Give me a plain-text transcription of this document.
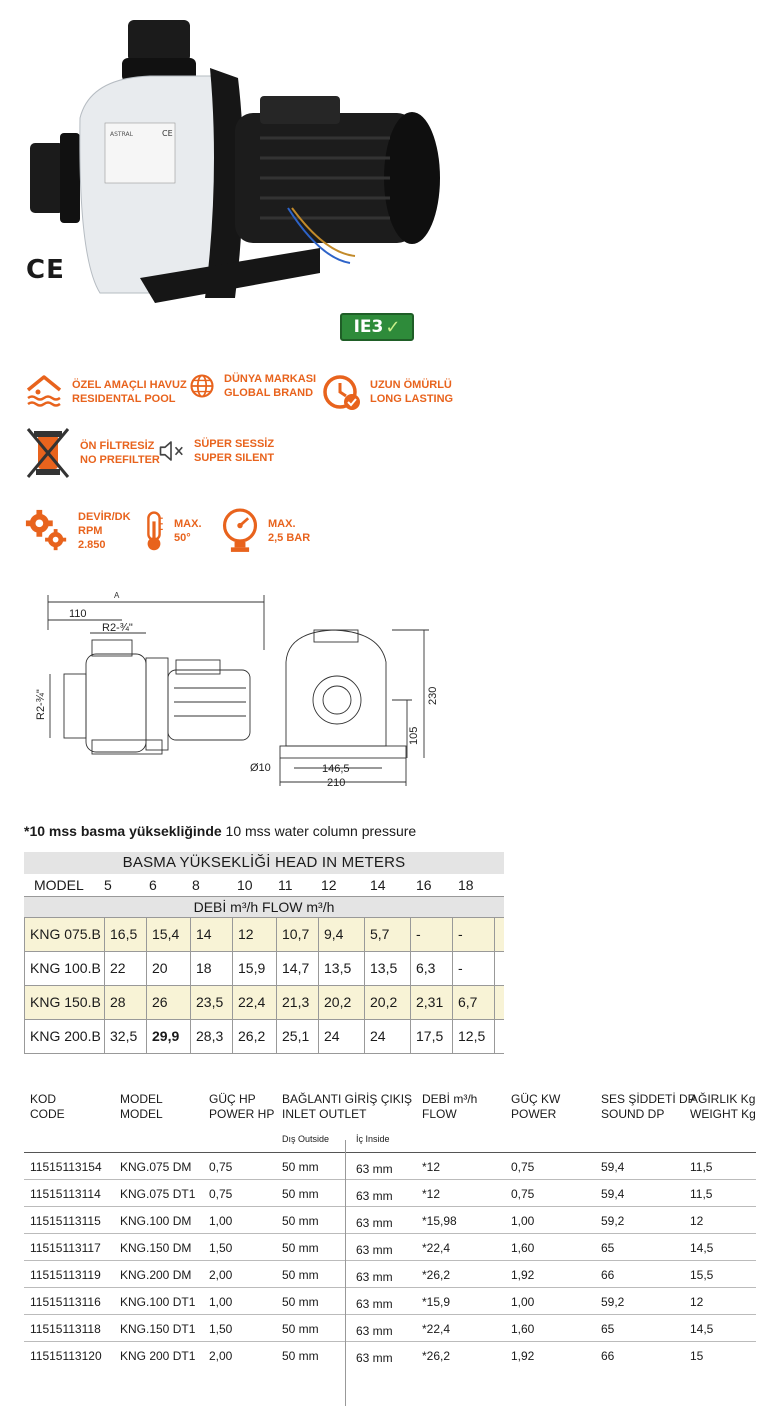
ASTRAL	CE
CE
IE3 ✓
ÖZEL AMAÇLI HAVUZ
RESIDENTAL POOL
DÜNYA MARKASI
GLOBAL BRAND
UZUN ÖMÜRLÜ
LONG LASTING
ÖN FİLTRESİZ
NO PREFILTER
SÜPER SESSİZ
SUPER SILENT
DEVİR/DK
RPM
2.850
MAX.
50°
MAX.
2,5 BAR
A
110
R2-¾"
R2-¾"	230
105
Ø10	146,5
210
*10 mss basma yüksekliğinde 10 mss water column pressure
BASMA YÜKSEKLİĞİ HEAD IN METERS
MODEL 5	6	8	10 11 12 14 16 18
DEBİ m³/h FLOW m³/h
KNG 075.B 16,5	15,4	14	12	10,7	9,4	5,7	-	-
KNG 100.B 22	20	18	15,9	14,7	13,5	13,5	6,3	-
KNG 150.B 28	26	23,5	22,4	21,3	20,2	20,2	2,31	6,7
KNG 200.B 32,5	29,9	28,3	26,2	25,1	24	24	17,5	12,5
KOD
CODE
MODEL
MODEL
GÜÇ HP
POWER HP
BAĞLANTI GİRİŞ ÇIKIŞ
INLET OUTLET
DEBİ m³/h
FLOW
GÜÇ KW
POWER
SES ŞİDDETİ DP
SOUND DP
AĞIRLIK Kg
WEIGHT Kg
Dış Outside	İç Inside
11515113154 KNG.075 DM 0,75	50 mm	63 mm *12	0,75	59,4	11,5
11515113114 KNG.075 DT1 0,75	50 mm	63 mm *12	0,75	59,4	11,5
11515113115 KNG.100 DM 1,00	50 mm	63 mm *15,98	1,00	59,2	12
11515113117 KNG.150 DM 1,50	50 mm	63 mm *22,4	1,60	65	14,5
11515113119 KNG.200 DM 2,00	50 mm	63 mm *26,2	1,92	66	15,5
11515113116 KNG.100 DT1 1,00	50 mm	63 mm *15,9	1,00	59,2	12
11515113118 KNG.150 DT1 1,50	50 mm	63 mm *22,4	1,60	65	14,5
11515113120 KNG 200 DT1 2,00	50 mm	63 mm *26,2	1,92	66	15
